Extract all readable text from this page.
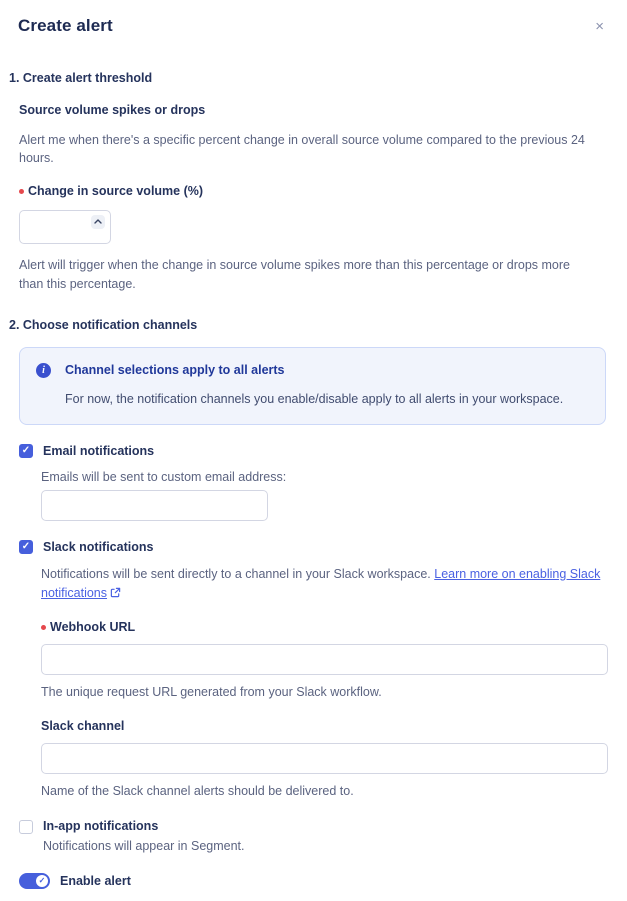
Create alert	×
1. Create alert threshold
Source volume spikes or drops
Alert me when there's a specific percent change in overall source volume compared to the previous 24 hours.
Change in source volume (%)
Alert will trigger when the change in source volume spikes more than this percentage or drops more than this percentage.
2. Choose notification channels
i	Channel selections apply to all alerts
For now, the notification channels you enable/disable apply to all alerts in your workspace.
✓ Email notifications
Emails will be sent to custom email address:
✓ Slack notifications
Notifications will be sent directly to a channel in your Slack workspace. Learn more on enabling Slack notifications
Webhook URL
The unique request URL generated from your Slack workflow.
Slack channel
Name of the Slack channel alerts should be delivered to.
In-app notifications
Notifications will appear in Segment.
✓ Enable alert
